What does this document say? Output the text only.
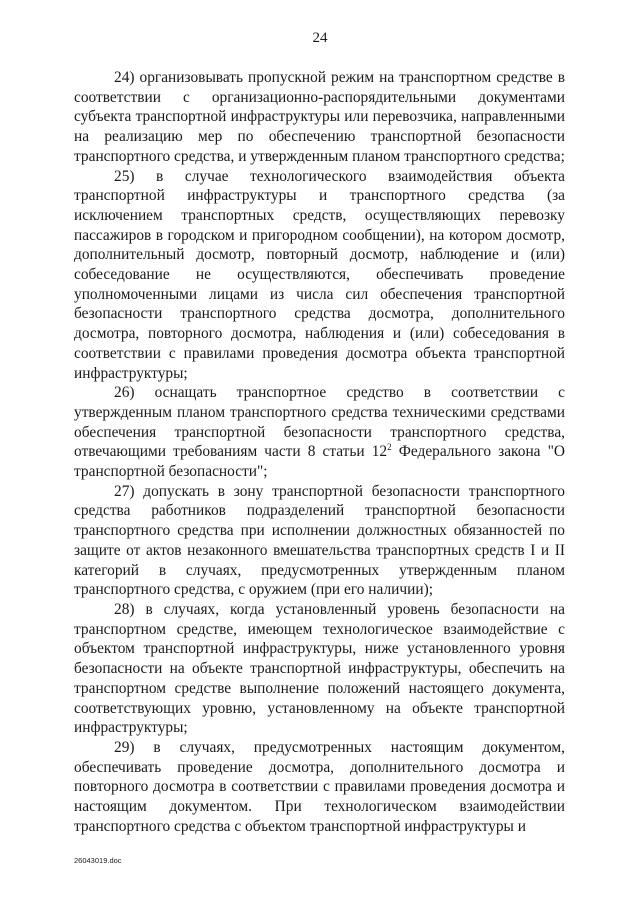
24

24) организовывать пропускной режим на транспортном средстве в соответствии с организационно-распорядительными документами субъекта транспортной инфраструктуры или перевозчика, направленными на реализацию мер по обеспечению транспортной безопасности транспортного средства, и утвержденным планом транспортного средства;

25) в случае технологического взаимодействия объекта транспортной инфраструктуры и транспортного средства (за исключением транспортных средств, осуществляющих перевозку пассажиров в городском и пригородном сообщении), на котором досмотр, дополнительный досмотр, повторный досмотр, наблюдение и (или) собеседование не осуществляются, обеспечивать проведение уполномоченными лицами из числа сил обеспечения транспортной безопасности транспортного средства досмотра, дополнительного досмотра, повторного досмотра, наблюдения и (или) собеседования в соответствии с правилами проведения досмотра объекта транспортной инфраструктуры;

26) оснащать транспортное средство в соответствии с утвержденным планом транспортного средства техническими средствами обеспечения транспортной безопасности транспортного средства, отвечающими требованиям части 8 статьи $12^2$ Федерального закона "О транспортной безопасности";

27) допускать в зону транспортной безопасности транспортного средства работников подразделений транспортной безопасности транспортного средства при исполнении должностных обязанностей по защите от актов незаконного вмешательства транспортных средств I и II категорий в случаях, предусмотренных утвержденным планом транспортного средства, с оружием (при его наличии);

28) в случаях, когда установленный уровень безопасности на транспортном средстве, имеющем технологическое взаимодействие с объектом транспортной инфраструктуры, ниже установленного уровня безопасности на объекте транспортной инфраструктуры, обеспечить на транспортном средстве выполнение положений настоящего документа, соответствующих уровню, установленному на объекте транспортной инфраструктуры;

29) в случаях, предусмотренных настоящим документом, обеспечивать проведение досмотра, дополнительного досмотра и повторного досмотра в соответствии с правилами проведения досмотра и настоящим документом. При технологическом взаимодействии транспортного средства с объектом транспортной инфраструктуры и

26043019.doc
